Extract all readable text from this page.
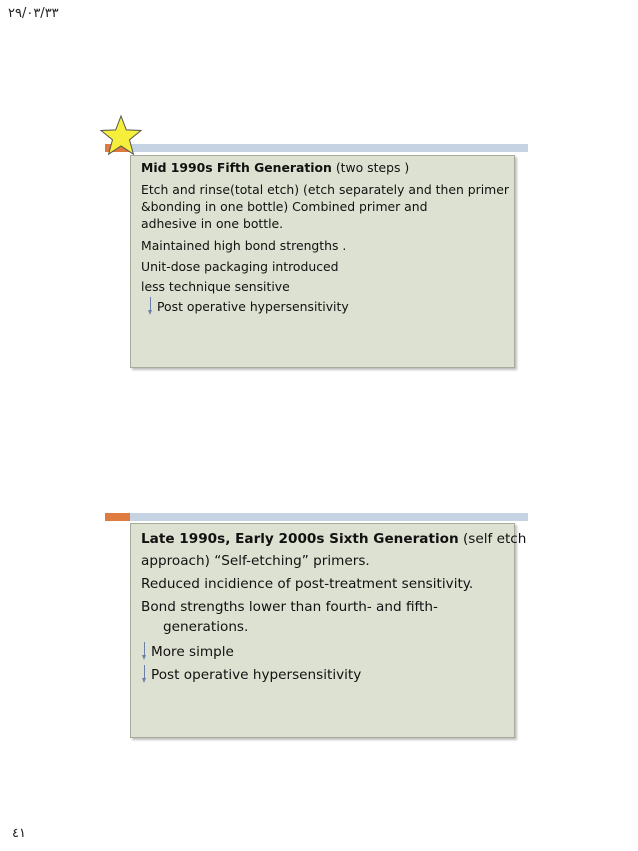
٢٩/٠٣/٣٣
Mid 1990s Fifth Generation (two steps )
Etch and rinse(total etch) (etch separately and then primer
&bonding in one bottle) Combined primer and
adhesive in one bottle.
Maintained high bond strengths .
Unit-dose packaging introduced
less technique sensitive
Post operative hypersensitivity
Late 1990s, Early 2000s Sixth Generation (self etch
approach) “Self-etching” primers.
Reduced incidience of post-treatment sensitivity.
Bond strengths lower than fourth- and fifth-
generations.
More simple
Post operative hypersensitivity
٤١
